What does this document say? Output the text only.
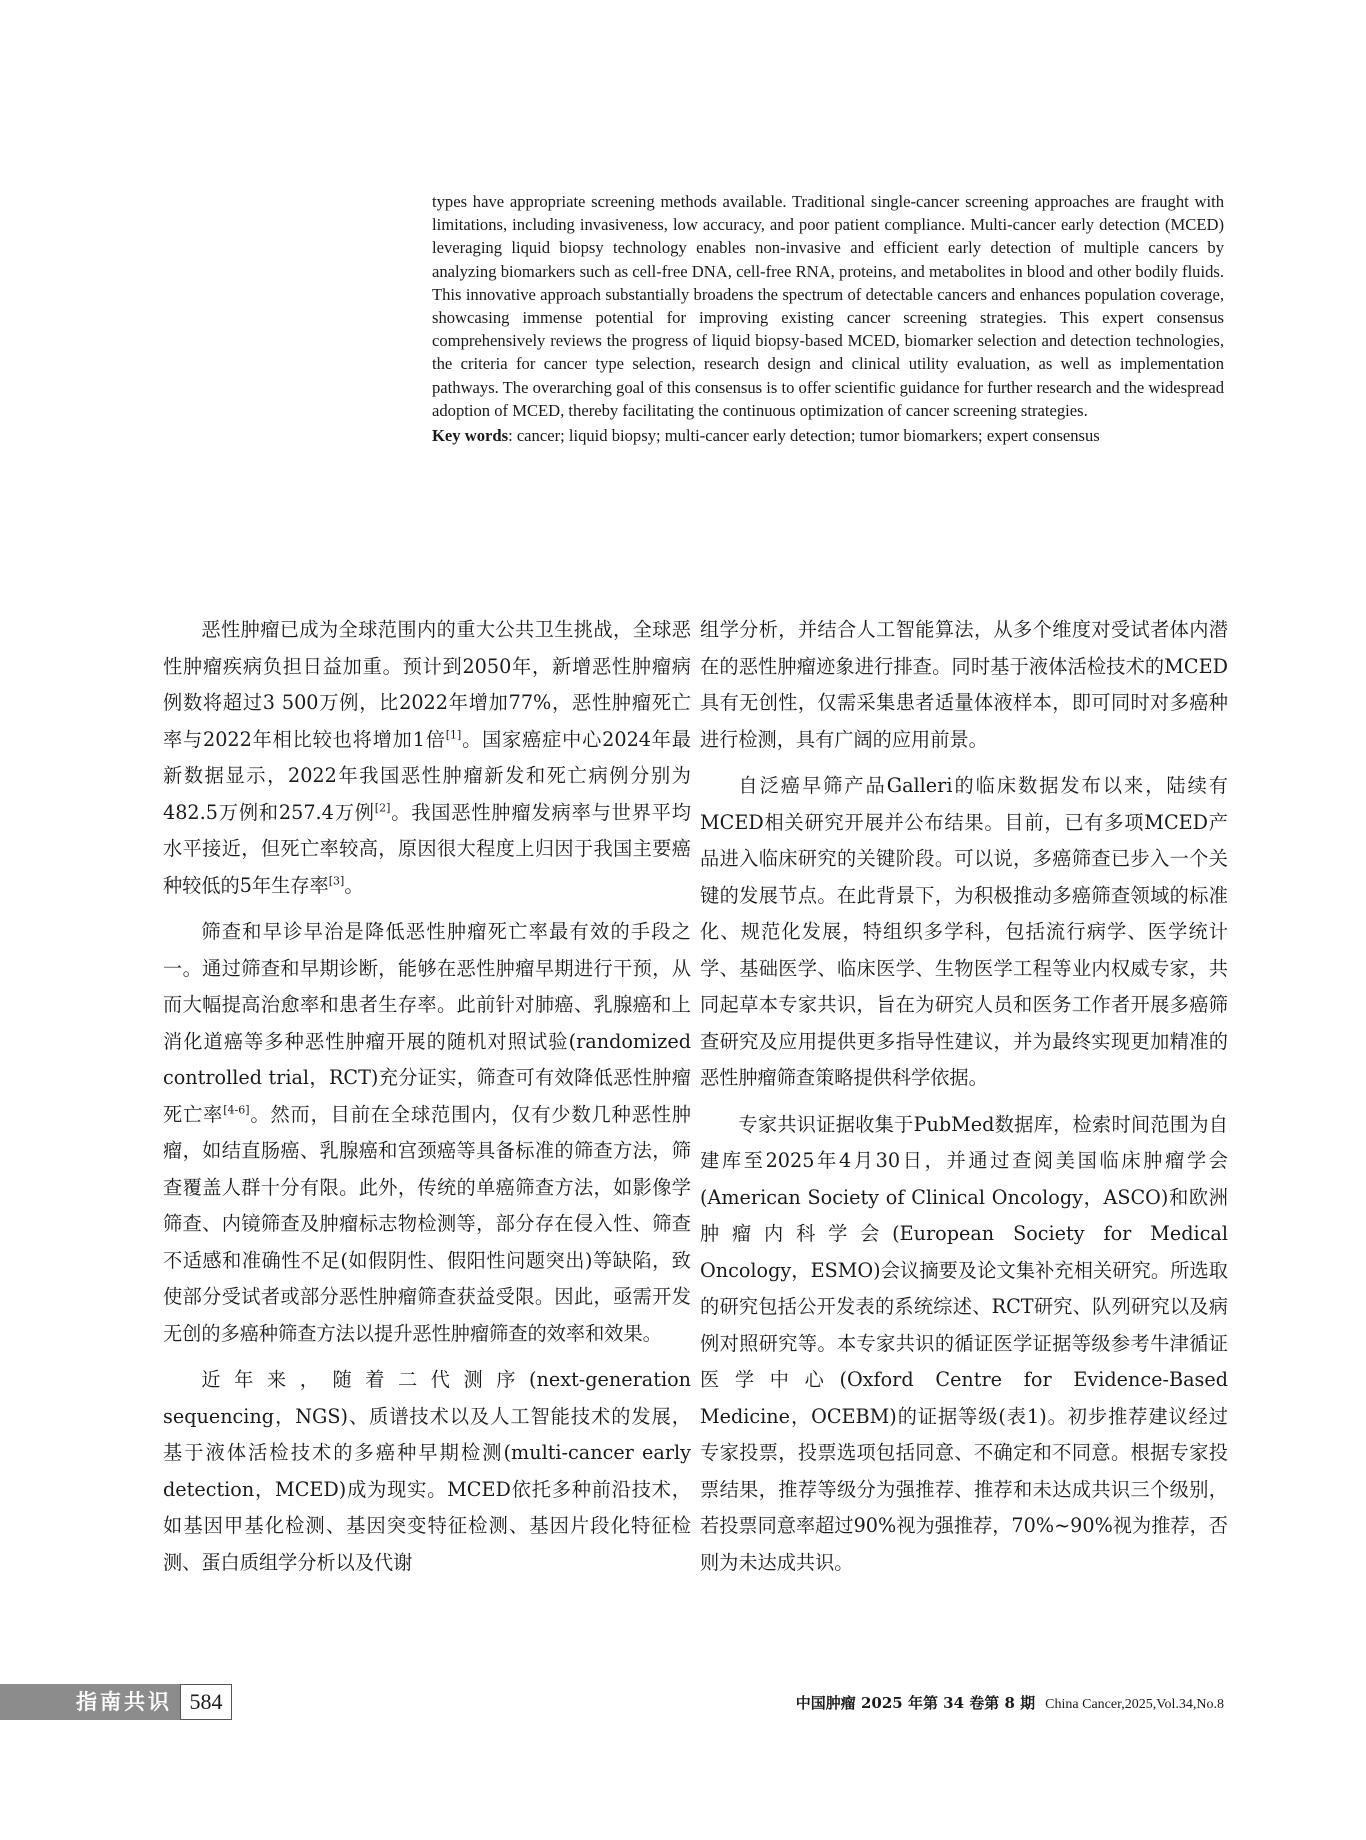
types have appropriate screening methods available. Traditional single-cancer screening approaches are fraught with limitations, including invasiveness, low accuracy, and poor patient compliance. Multi-cancer early detection (MCED) leveraging liquid biopsy technology enables non-invasive and efficient early detection of multiple cancers by analyzing biomarkers such as cell-free DNA, cell-free RNA, proteins, and metabolites in blood and other bodily fluids. This innovative approach substantially broadens the spectrum of detectable cancers and enhances population coverage, showcasing immense potential for improving existing cancer screening strategies. This expert consensus comprehensively reviews the progress of liquid biopsy-based MCED, biomarker selection and detection technologies, the criteria for cancer type selection, research design and clinical utility evaluation, as well as implementation pathways. The overarching goal of this consensus is to offer scientific guidance for further research and the widespread adoption of MCED, thereby facilitating the continuous optimization of cancer screening strategies.

Key words: cancer; liquid biopsy; multi-cancer early detection; tumor biomarkers; expert consensus

恶性肿瘤已成为全球范围内的重大公共卫生挑战，全球恶性肿瘤疾病负担日益加重。预计到2050年，新增恶性肿瘤病例数将超过3 500万例，比2022年增加77%，恶性肿瘤死亡率与2022年相比较也将增加1倍[1]。国家癌症中心2024年最新数据显示，2022年我国恶性肿瘤新发和死亡病例分别为482.5万例和257.4万例[2]。我国恶性肿瘤发病率与世界平均水平接近，但死亡率较高，原因很大程度上归因于我国主要癌种较低的5年生存率[3]。

筛查和早诊早治是降低恶性肿瘤死亡率最有效的手段之一。通过筛查和早期诊断，能够在恶性肿瘤早期进行干预，从而大幅提高治愈率和患者生存率。此前针对肺癌、乳腺癌和上消化道癌等多种恶性肿瘤开展的随机对照试验(randomized controlled trial，RCT)充分证实，筛查可有效降低恶性肿瘤死亡率[4-6]。然而，目前在全球范围内，仅有少数几种恶性肿瘤，如结直肠癌、乳腺癌和宫颈癌等具备标准的筛查方法，筛查覆盖人群十分有限。此外，传统的单癌筛查方法，如影像学筛查、内镜筛查及肿瘤标志物检测等，部分存在侵入性、筛查不适感和准确性不足(如假阴性、假阳性问题突出)等缺陷，致使部分受试者或部分恶性肿瘤筛查获益受限。因此，亟需开发无创的多癌种筛查方法以提升恶性肿瘤筛查的效率和效果。

近年来，随着二代测序(next-generation sequencing，NGS)、质谱技术以及人工智能技术的发展，基于液体活检技术的多癌种早期检测(multi-cancer early detection，MCED)成为现实。MCED依托多种前沿技术，如基因甲基化检测、基因突变特征检测、基因片段化特征检测、蛋白质组学分析以及代谢

组学分析，并结合人工智能算法，从多个维度对受试者体内潜在的恶性肿瘤迹象进行排查。同时基于液体活检技术的MCED具有无创性，仅需采集患者适量体液样本，即可同时对多癌种进行检测，具有广阔的应用前景。

自泛癌早筛产品Galleri的临床数据发布以来，陆续有MCED相关研究开展并公布结果。目前，已有多项MCED产品进入临床研究的关键阶段。可以说，多癌筛查已步入一个关键的发展节点。在此背景下，为积极推动多癌筛查领域的标准化、规范化发展，特组织多学科，包括流行病学、医学统计学、基础医学、临床医学、生物医学工程等业内权威专家，共同起草本专家共识，旨在为研究人员和医务工作者开展多癌筛查研究及应用提供更多指导性建议，并为最终实现更加精准的恶性肿瘤筛查策略提供科学依据。

专家共识证据收集于PubMed数据库，检索时间范围为自建库至2025年4月30日，并通过查阅美国临床肿瘤学会(American Society of Clinical Oncology，ASCO)和欧洲肿瘤内科学会(European Society for Medical Oncology，ESMO)会议摘要及论文集补充相关研究。所选取的研究包括公开发表的系统综述、RCT研究、队列研究以及病例对照研究等。本专家共识的循证医学证据等级参考牛津循证医学中心(Oxford Centre for Evidence-Based Medicine，OCEBM)的证据等级(表1)。初步推荐建议经过专家投票，投票选项包括同意、不确定和不同意。根据专家投票结果，推荐等级分为强推荐、推荐和未达成共识三个级别，若投票同意率超过90%视为强推荐，70%~90%视为推荐，否则为未达成共识。

指南共识 584	中国肿瘤 2025 年第 34 卷第 8 期 China Cancer,2025,Vol.34,No.8
